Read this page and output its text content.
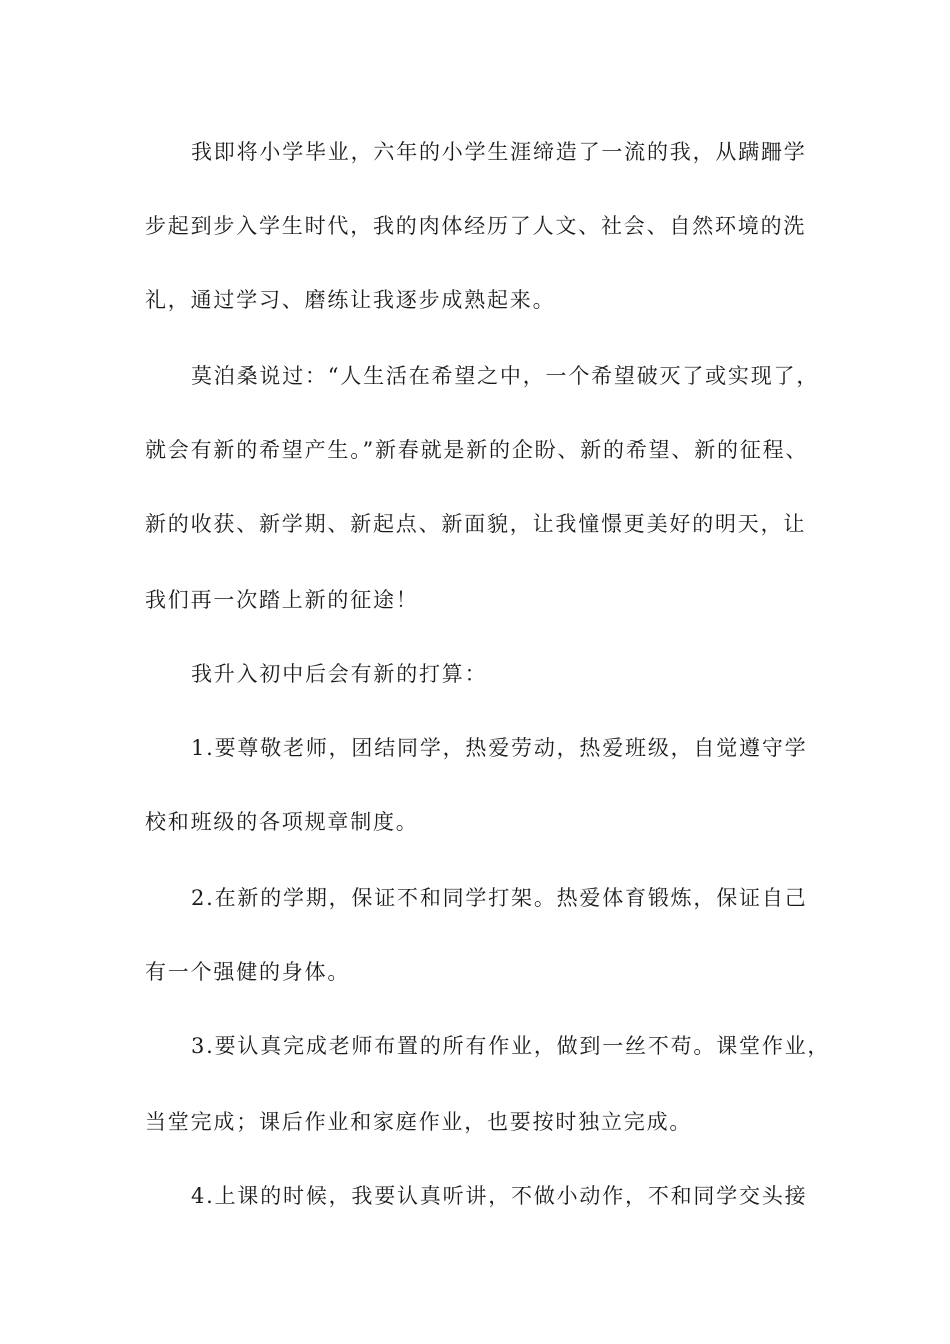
我即将小学毕业，六年的小学生涯缔造了一流的我，从蹒跚学
步起到步入学生时代，我的肉体经历了人文、社会、自然环境的洗
礼，通过学习、磨练让我逐步成熟起来。
莫泊桑说过：“人生活在希望之中，一个希望破灭了或实现了，
就会有新的希望产生。”新春就是新的企盼、新的希望、新的征程、
新的收获、新学期、新起点、新面貌，让我憧憬更美好的明天，让
我们再一次踏上新的征途！
我升入初中后会有新的打算：
1.要尊敬老师，团结同学，热爱劳动，热爱班级，自觉遵守学
校和班级的各项规章制度。
2.在新的学期，保证不和同学打架。热爱体育锻炼，保证自己
有一个强健的身体。
3.要认真完成老师布置的所有作业，做到一丝不苟。课堂作业，
当堂完成；课后作业和家庭作业，也要按时独立完成。
4.上课的时候，我要认真听讲，不做小动作，不和同学交头接
